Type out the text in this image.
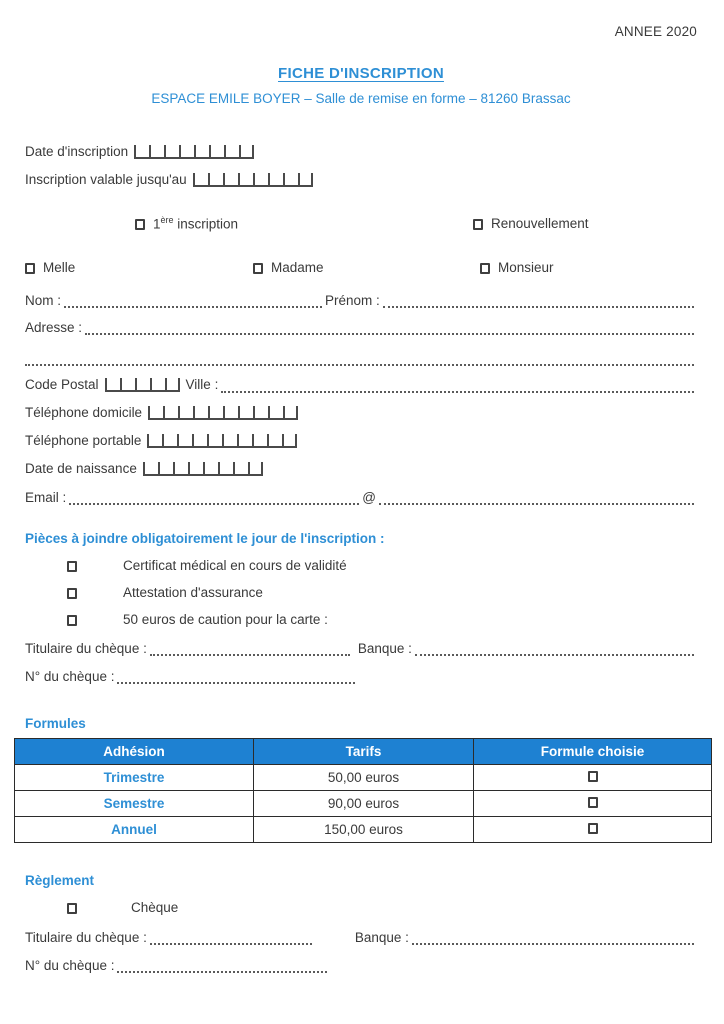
ANNEE 2020
FICHE D'INSCRIPTION
ESPACE EMILE BOYER – Salle de remise en forme – 81260 Brassac
Date d'inscription
Inscription valable jusqu'au
1ère inscription	Renouvellement
Melle	Madame	Monsieur
Nom :	Prénom :
Adresse :
Code Postal	Ville :
Téléphone domicile
Téléphone portable
Date de naissance
Email :	@
Pièces à joindre obligatoirement le jour de l'inscription :
Certificat médical en cours de validité
Attestation d'assurance
50 euros de caution pour la carte :
Titulaire du chèque :	Banque :
N° du chèque :
Formules
Adhésion	Tarifs	Formule choisie
Trimestre	50,00 euros	
Semestre	90,00 euros	
Annuel	150,00 euros	
Règlement
Chèque
Titulaire du chèque :	Banque :
N° du chèque :
